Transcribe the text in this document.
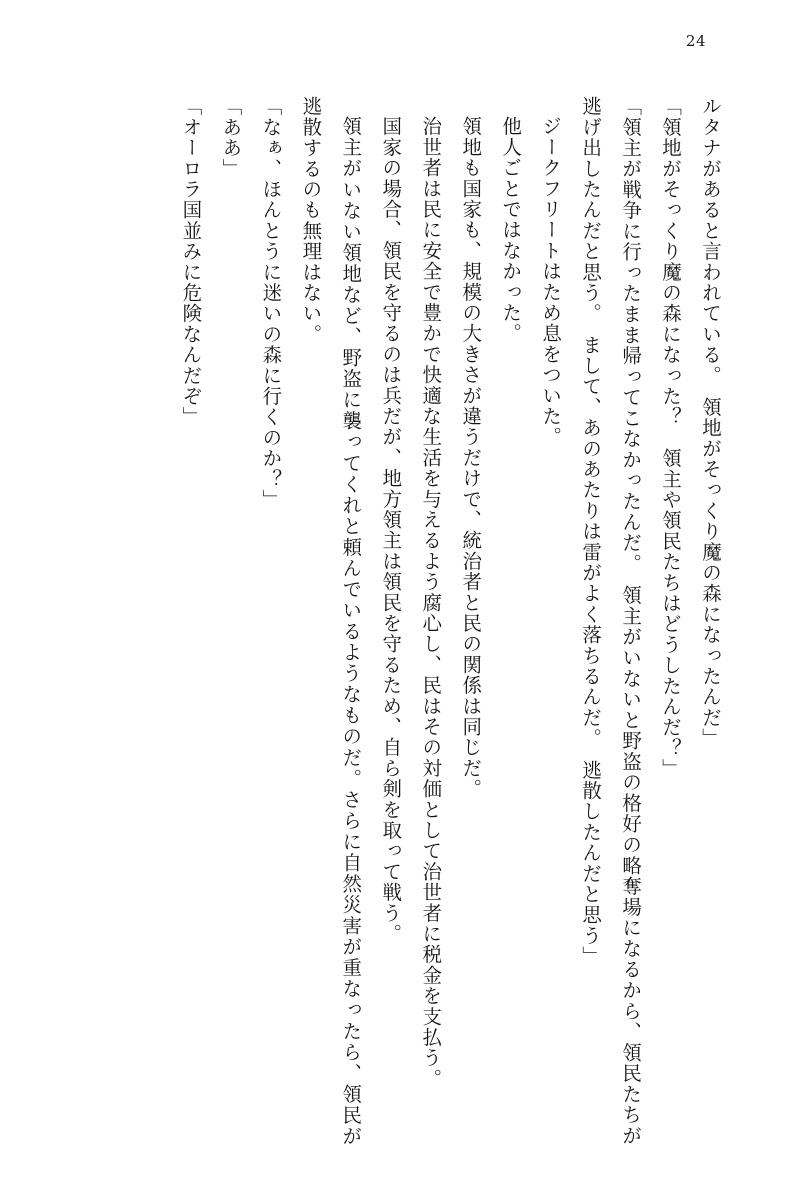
24

ルタナがあると言われている。　領地がそっくり魔の森になったんだ」

「領地がそっくり魔の森になった？　領主や領民たちはどうしたんだ？」

「領主が戦争に行ったまま帰ってこなかったんだ。　領主がいないと野盗の格好の略奪場になるから、領民たちが逃げ出したんだと思う。　まして、あのあたりは雷がよく落ちるんだ。　逃散したんだと思う」

ジークフリートはため息をついた。

他人ごとではなかった。

領地も国家も、規模の大きさが違うだけで、統治者と民の関係は同じだ。

治世者は民に安全で豊かで快適な生活を与えるよう腐心し、民はその対価として治世者に税金を支払う。

国家の場合、領民を守るのは兵だが、地方領主は領民を守るため、自ら剣を取って戦う。

領主がいない領地など、野盗に襲ってくれと頼んでいるようなものだ。さらに自然災害が重なったら、領民が逃散するのも無理はない。

「なぁ、ほんとうに迷いの森に行くのか？」

「ああ」

「オーロラ国並みに危険なんだぞ」
